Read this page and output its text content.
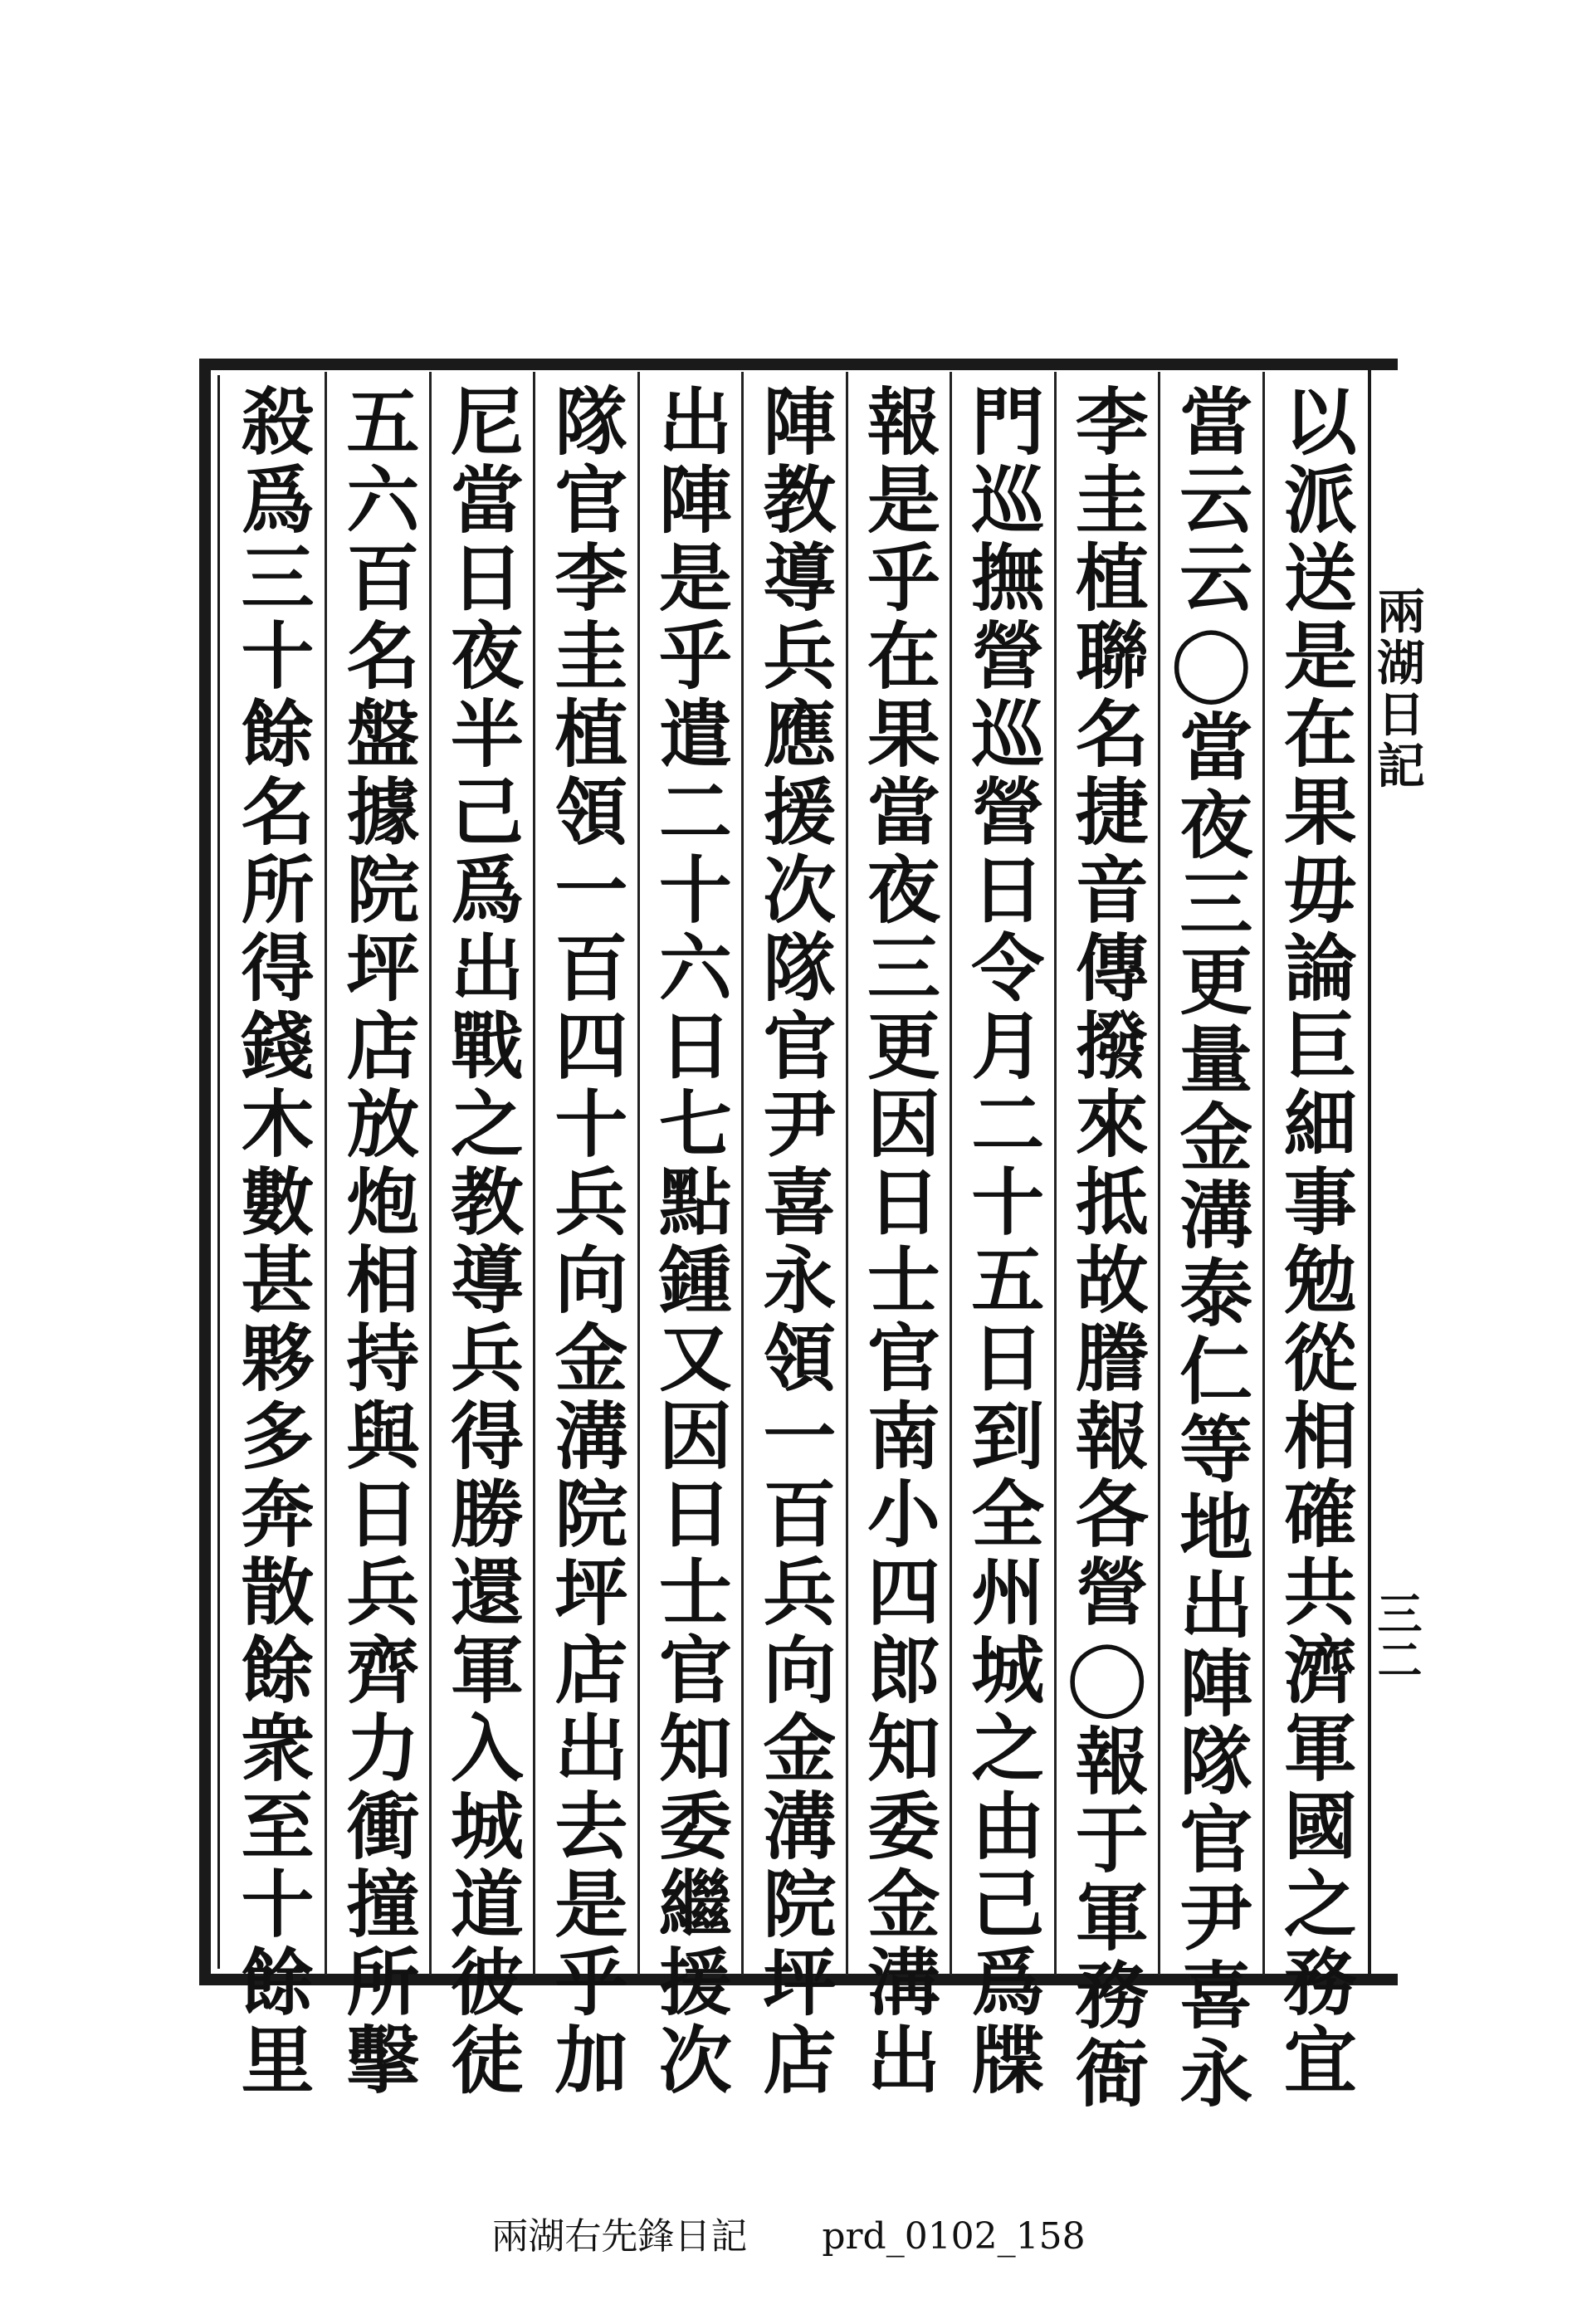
兩湖日記
三二
以派送是在果毋論巨細事勉從相確共濟軍國之務宜
當云云◯當夜三更量金溝泰仁等地出陣隊官尹喜永
李圭植聯名捷音傳撥來抵故謄報各營◯報于軍務衙
門巡撫營巡營日令月二十五日到全州城之由己爲牒
報是乎在果當夜三更因日士官南小四郎知委金溝出
陣教導兵應援次隊官尹喜永領一百兵向金溝院坪店
出陣是乎遣二十六日七點鍾又因日士官知委繼援次
隊官李圭植領一百四十兵向金溝院坪店出去是乎加
尼當日夜半己爲出戰之教導兵得勝還軍入城道彼徒
五六百名盤據院坪店放炮相持與日兵齊力衝撞所擊
殺爲三十餘名所得錢木數甚夥多奔散餘衆至十餘里
兩湖右先鋒日記 prd_0102_158
